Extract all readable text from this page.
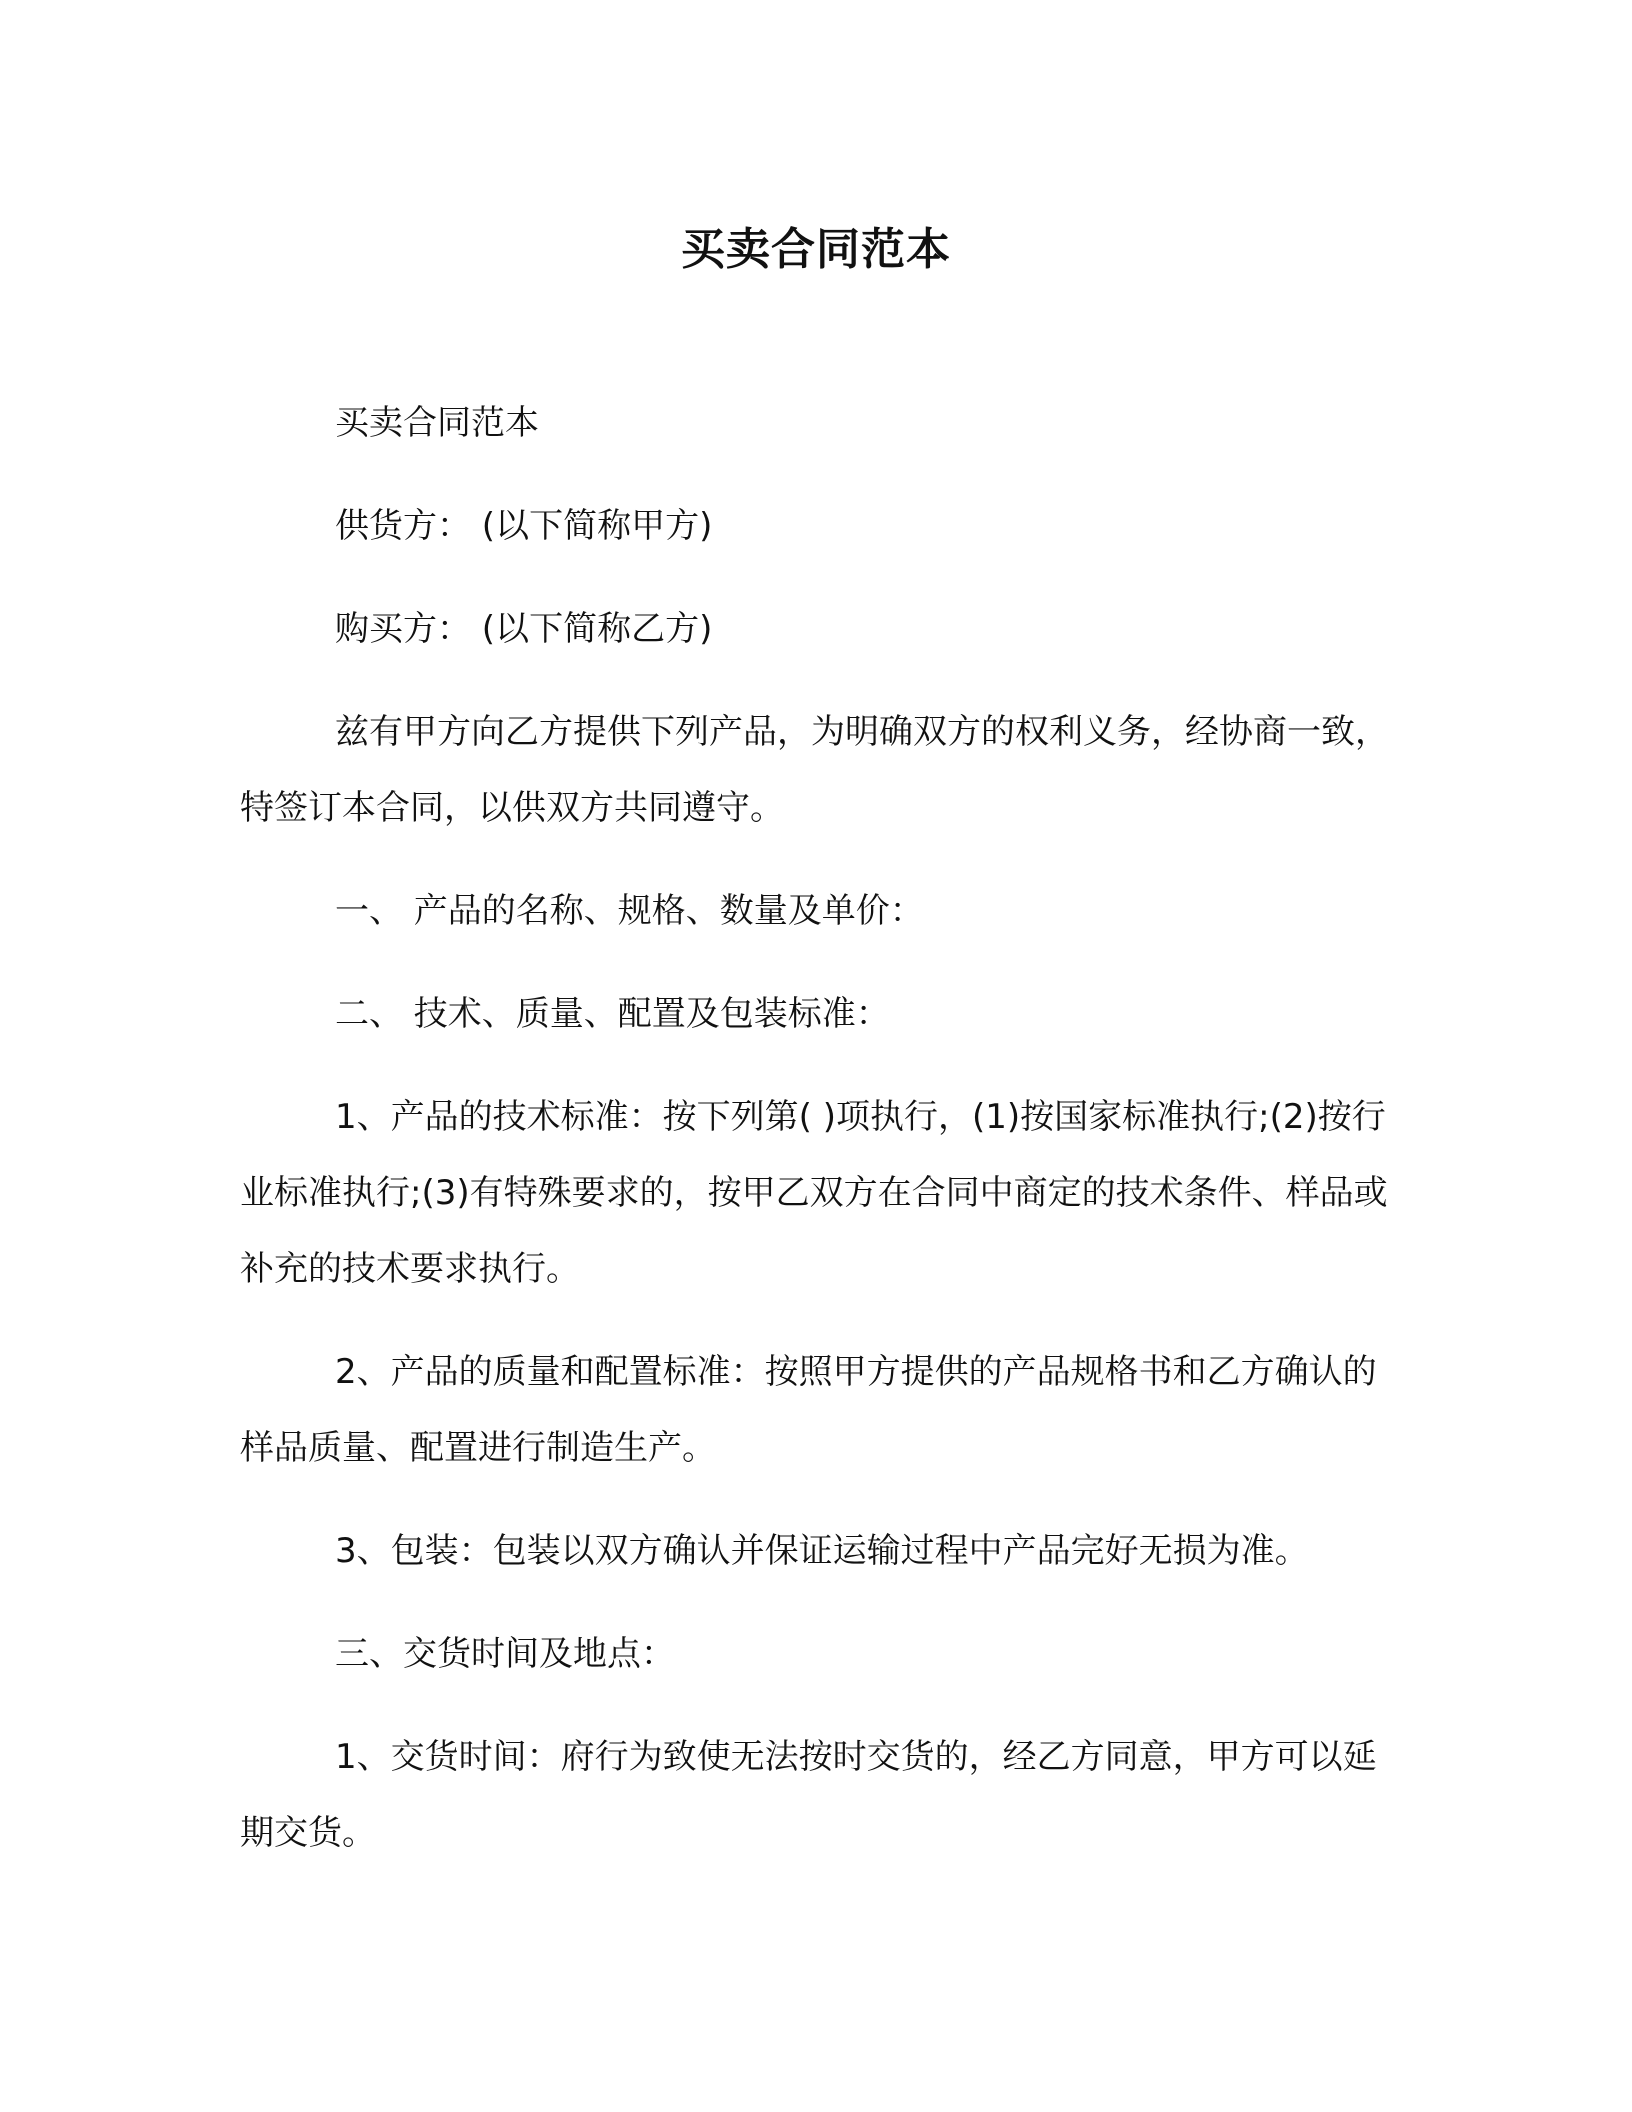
买卖合同范本

买卖合同范本

供货方： (以下简称甲方)

购买方： (以下简称乙方)

兹有甲方向乙方提供下列产品，为明确双方的权利义务，经协商一致，特签订本合同，以供双方共同遵守。

一、 产品的名称、规格、数量及单价：

二、 技术、质量、配置及包装标准：

1、产品的技术标准：按下列第( )项执行，(1)按国家标准执行;(2)按行业标准执行;(3)有特殊要求的，按甲乙双方在合同中商定的技术条件、样品或补充的技术要求执行。

2、产品的质量和配置标准：按照甲方提供的产品规格书和乙方确认的样品质量、配置进行制造生产。

3、包装：包装以双方确认并保证运输过程中产品完好无损为准。

三、交货时间及地点：

1、交货时间：府行为致使无法按时交货的，经乙方同意，甲方可以延期交货。
